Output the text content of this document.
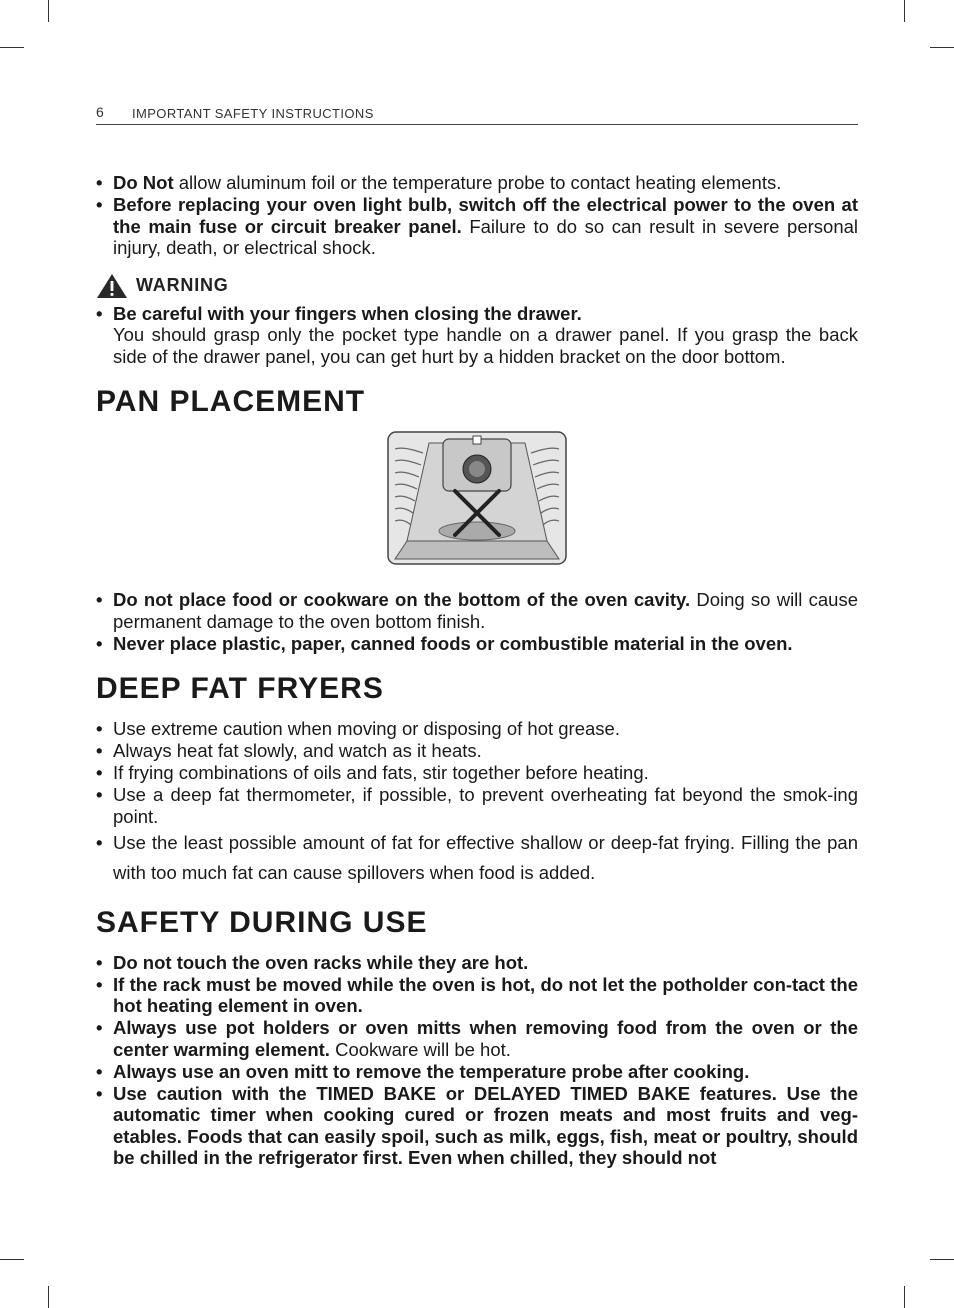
6 IMPORTANT SAFETY INSTRUCTIONS
• Do Not allow aluminum foil or the temperature probe to contact heating elements.
• Before replacing your oven light bulb, switch off the electrical power to the oven at the main fuse or circuit breaker panel. Failure to do so can result in severe personal injury, death, or electrical shock.
WARNING
• Be careful with your fingers when closing the drawer.
You should grasp only the pocket type handle on a drawer panel. If you grasp the back side of the drawer panel, you can get hurt by a hidden bracket on the door bottom.
PAN PLACEMENT
• Do not place food or cookware on the bottom of the oven cavity. Doing so will cause permanent damage to the oven bottom finish.
• Never place plastic, paper, canned foods or combustible material in the oven.
DEEP FAT FRYERS
• Use extreme caution when moving or disposing of hot grease.
• Always heat fat slowly, and watch as it heats.
• If frying combinations of oils and fats, stir together before heating.
• Use a deep fat thermometer, if possible, to prevent overheating fat beyond the smok-ing point.
• Use the least possible amount of fat for effective shallow or deep-fat frying. Filling the pan with too much fat can cause spillovers when food is added.
SAFETY DURING USE
• Do not touch the oven racks while they are hot.
• If the rack must be moved while the oven is hot, do not let the potholder con-tact the hot heating element in oven.
• Always use pot holders or oven mitts when removing food from the oven or the center warming element. Cookware will be hot.
• Always use an oven mitt to remove the temperature probe after cooking.
• Use caution with the TIMED BAKE or DELAYED TIMED BAKE features. Use the automatic timer when cooking cured or frozen meats and most fruits and veg-etables. Foods that can easily spoil, such as milk, eggs, fish, meat or poultry, should be chilled in the refrigerator first. Even when chilled, they should not
